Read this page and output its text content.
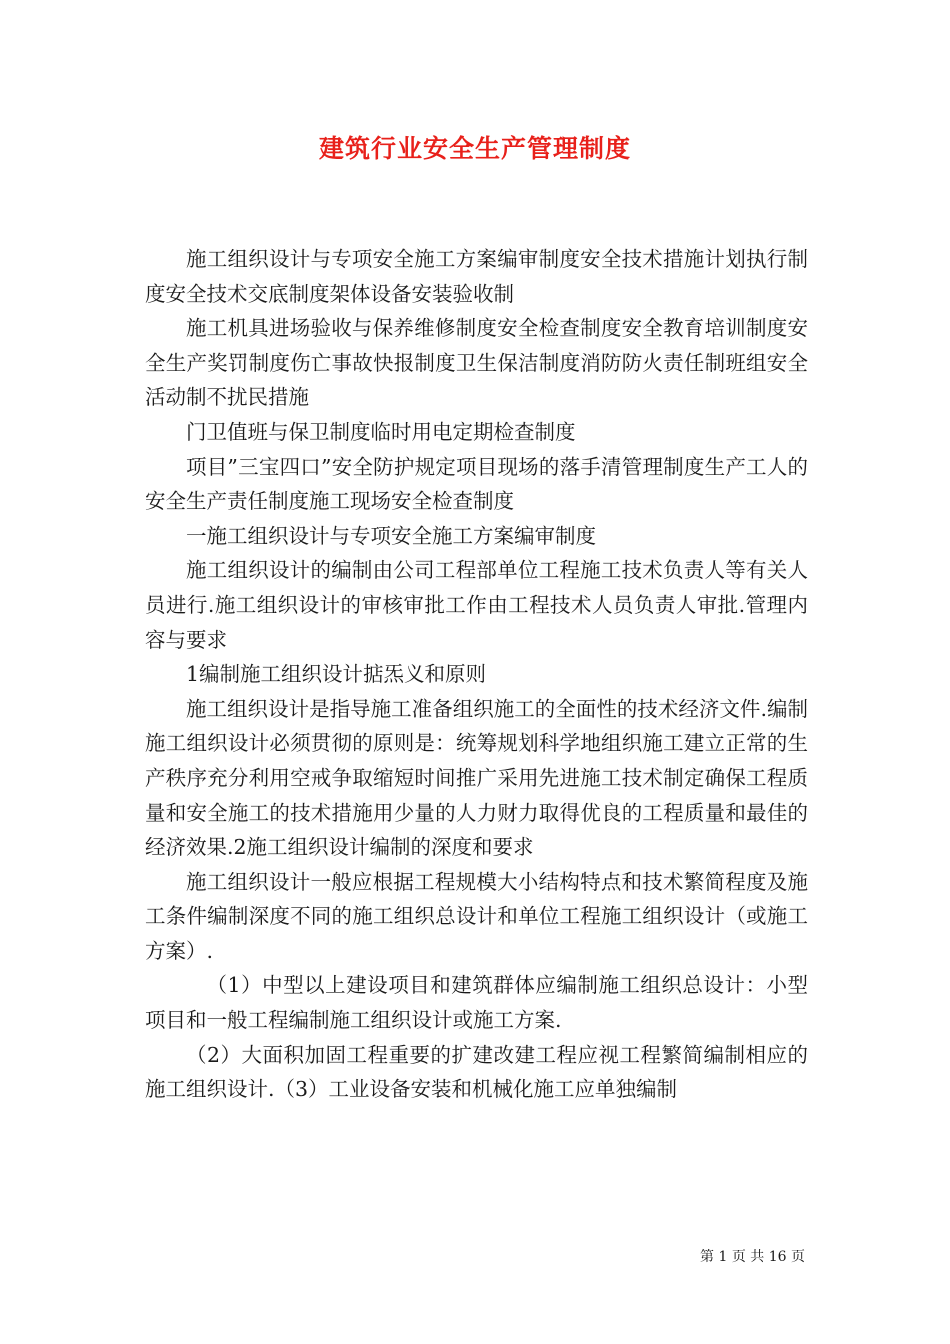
建筑行业安全生产管理制度

施工组织设计与专项安全施工方案编审制度安全技术措施计划执行制度安全技术交底制度架体设备安装验收制

施工机具进场验收与保养维修制度安全检查制度安全教育培训制度安全生产奖罚制度伤亡事故快报制度卫生保洁制度消防防火责任制班组安全活动制不扰民措施

门卫值班与保卫制度临时用电定期检查制度

项目”三宝四口”安全防护规定项目现场的落手清管理制度生产工人的安全生产责任制度施工现场安全检查制度

一施工组织设计与专项安全施工方案编审制度

施工组织设计的编制由公司工程部单位工程施工技术负责人等有关人员进行.施工组织设计的审核审批工作由工程技术人员负责人审批.管理内容与要求

1编制施工组织设计掂炁义和原则

施工组织设计是指导施工准备组织施工的全面性的技术经济文件.编制施工组织设计必须贯彻的原则是：统筹规划科学地组织施工建立正常的生产秩序充分利用空戒争取缩短时间推广采用先进施工技术制定确保工程质量和安全施工的技术措施用少量的人力财力取得优良的工程质量和最佳的经济效果.2施工组织设计编制的深度和要求

施工组织设计一般应根据工程规模大小结构特点和技术繁简程度及施工条件编制深度不同的施工组织总设计和单位工程施工组织设计（或施工方案）.

（1）中型以上建设项目和建筑群体应编制施工组织总设计：小型项目和一般工程编制施工组织设计或施工方案.

（2）大面积加固工程重要的扩建改建工程应视工程繁简编制相应的施工组织设计.（3）工业设备安装和机械化施工应单独编制

第 1 页 共 16 页
